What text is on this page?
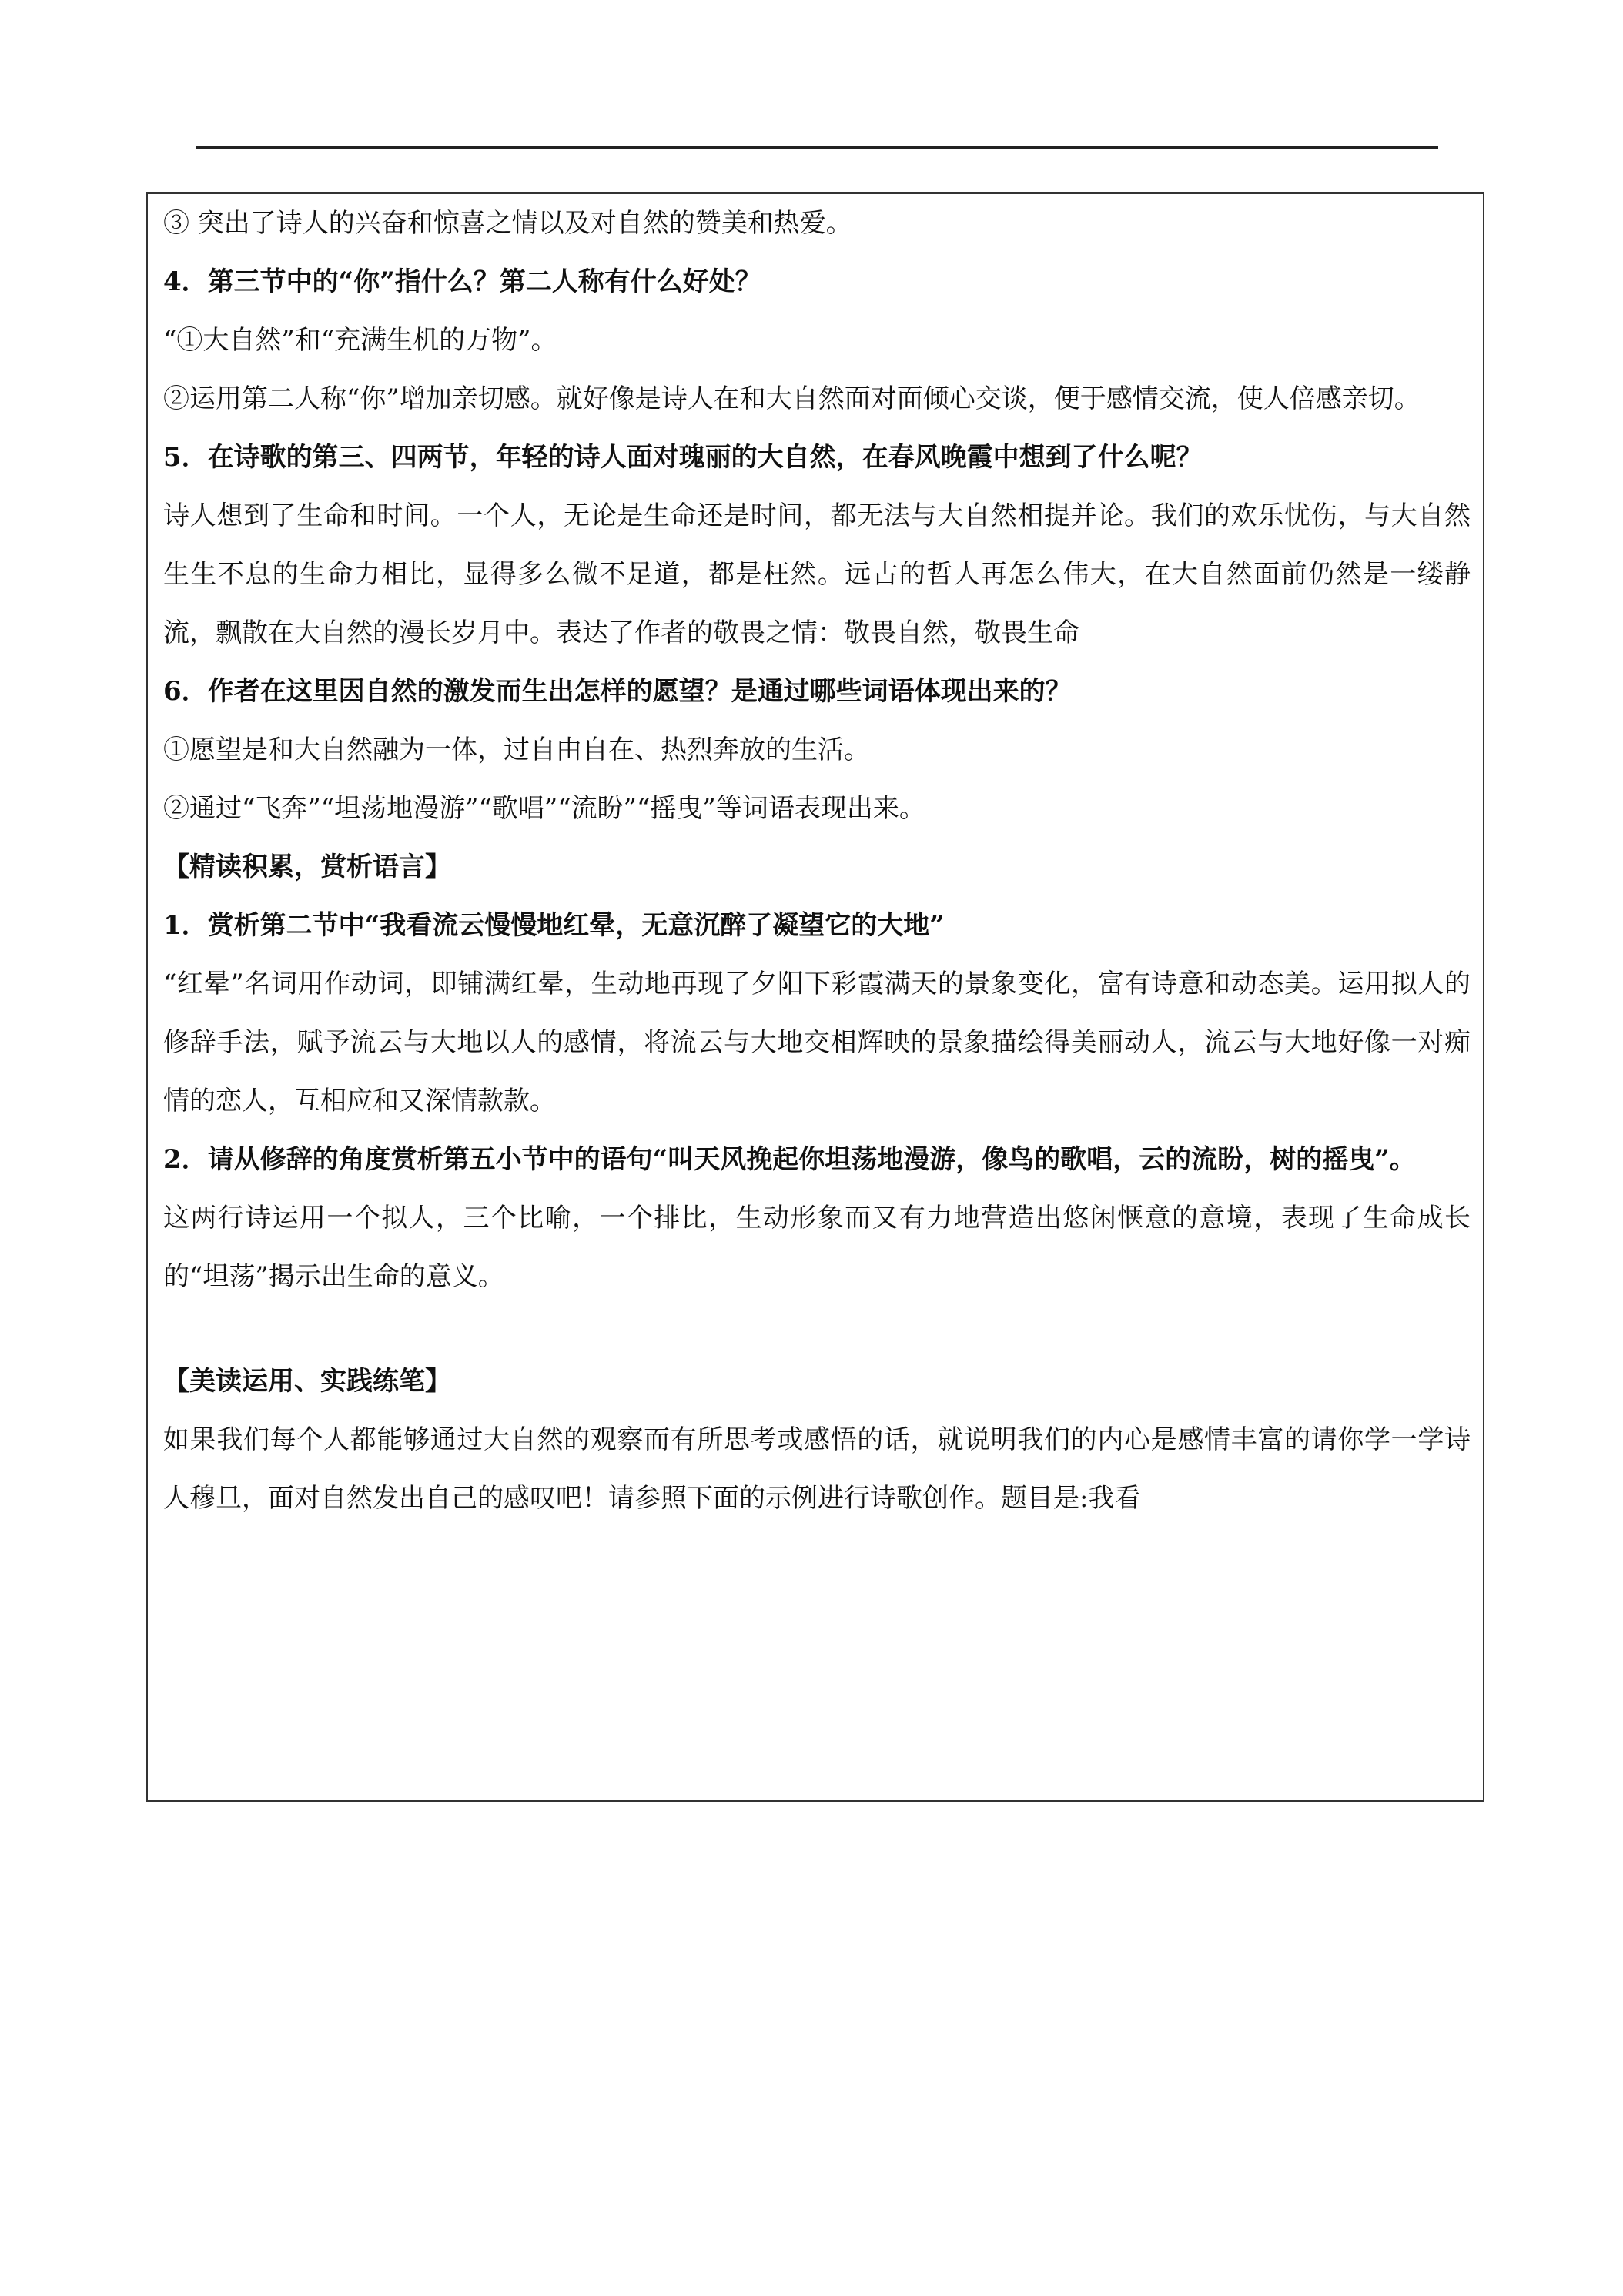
③ 突出了诗人的兴奋和惊喜之情以及对自然的赞美和热爱。
4．第三节中的“你”指什么？第二人称有什么好处？
“①大自然”和“充满生机的万物”。
②运用第二人称“你”增加亲切感。就好像是诗人在和大自然面对面倾心交谈，便于感情交流，使人倍感亲切。
5．在诗歌的第三、四两节，年轻的诗人面对瑰丽的大自然，在春风晚霞中想到了什么呢？
诗人想到了生命和时间。一个人，无论是生命还是时间，都无法与大自然相提并论。我们的欢乐忧伤，与大自然生生不息的生命力相比，显得多么微不足道，都是枉然。远古的哲人再怎么伟大，在大自然面前仍然是一缕静流，飘散在大自然的漫长岁月中。表达了作者的敬畏之情：敬畏自然，敬畏生命
6．作者在这里因自然的激发而生出怎样的愿望？是通过哪些词语体现出来的？
①愿望是和大自然融为一体，过自由自在、热烈奔放的生活。
②通过“飞奔”“坦荡地漫游”“歌唱”“流盼”“摇曳”等词语表现出来。
【精读积累，赏析语言】
1．赏析第二节中“我看流云慢慢地红晕，无意沉醉了凝望它的大地”
“红晕”名词用作动词，即铺满红晕，生动地再现了夕阳下彩霞满天的景象变化，富有诗意和动态美。运用拟人的修辞手法，赋予流云与大地以人的感情，将流云与大地交相辉映的景象描绘得美丽动人，流云与大地好像一对痴情的恋人，互相应和又深情款款。
2．请从修辞的角度赏析第五小节中的语句“叫天风挽起你坦荡地漫游，像鸟的歌唱，云的流盼，树的摇曳”。
这两行诗运用一个拟人，三个比喻，一个排比，生动形象而又有力地营造出悠闲惬意的意境，表现了生命成长的“坦荡”揭示出生命的意义。
【美读运用、实践练笔】
如果我们每个人都能够通过大自然的观察而有所思考或感悟的话，就说明我们的内心是感情丰富的请你学一学诗人穆旦，面对自然发出自己的感叹吧！请参照下面的示例进行诗歌创作。题目是:我看
